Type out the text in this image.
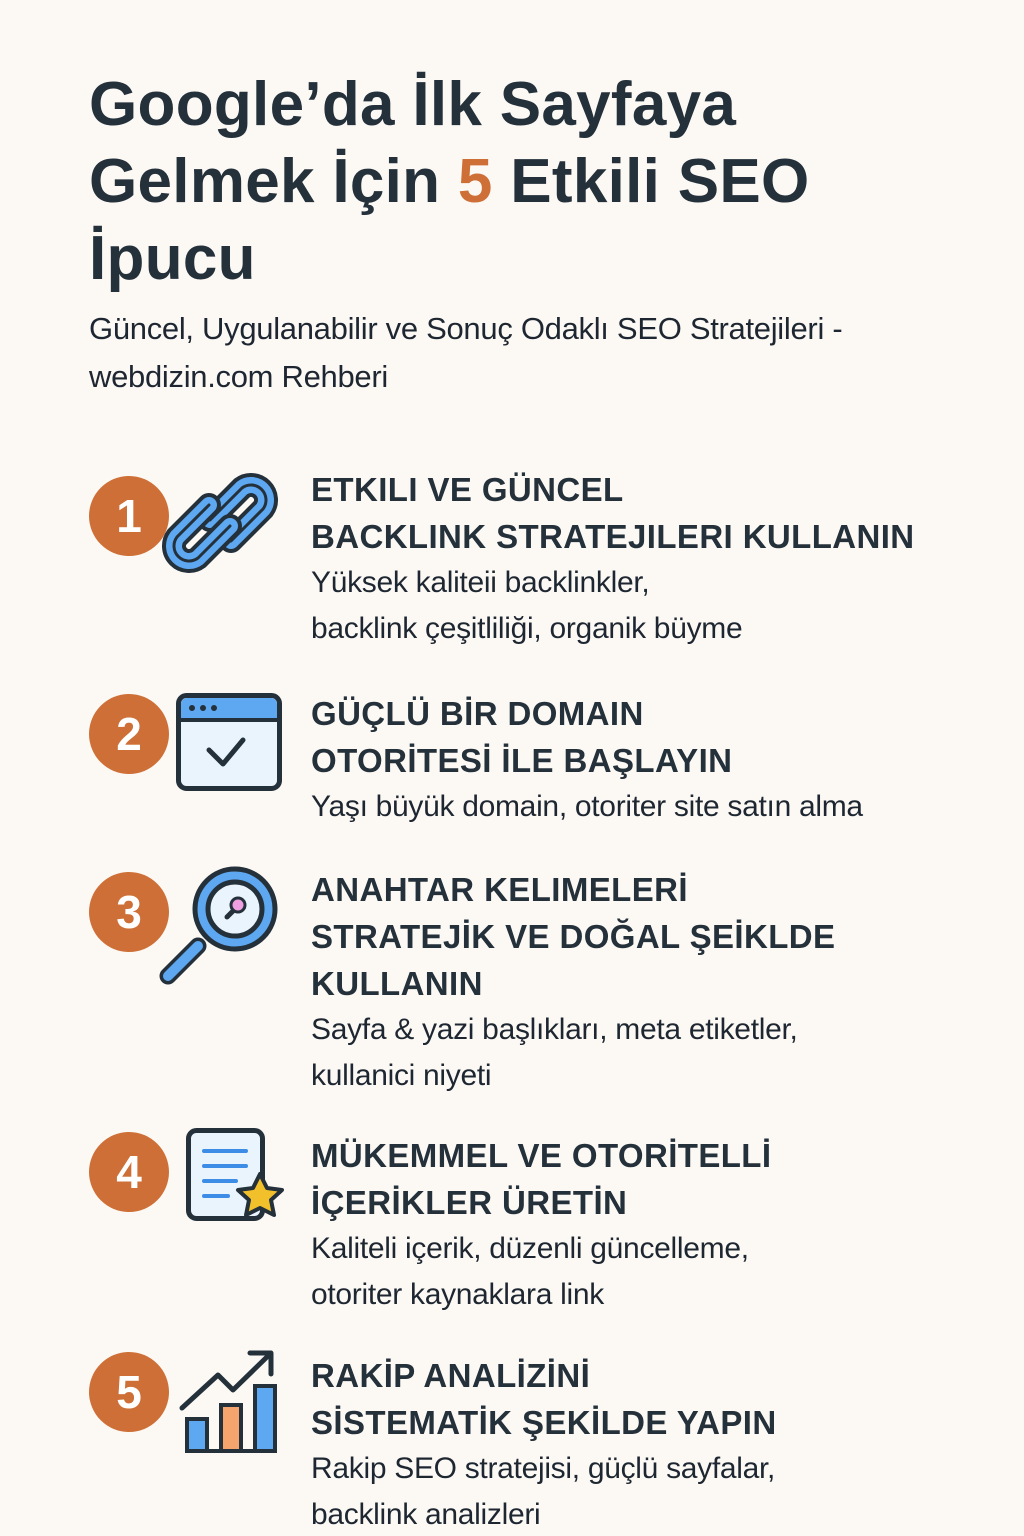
Google’da İlk Sayfaya Gelmek İçin 5 Etkili SEO İpucu

Güncel, Uygulanabilir ve Sonuç Odaklı SEO Stratejileri - webdizin.com Rehberi

1
ETKILI VE GÜNCEL
BACKLINK STRATEJILERI KULLANIN
Yüksek kaliteii backlinkler,
backlink çeşitliliği, organik büyme
2	GÜÇLÜ BİR DOMAIN
OTORİTESİ İLE BAŞLAYIN
Yaşı büyük domain, otoriter site satın alma
3	ANAHTAR KELIMELERİ
STRATEJİK VE DOĞAL ŞEİKLDE
KULLANIN
Sayfa & yazi başlıkları, meta etiketler,
kullanici niyeti
4	MÜKEMMEL VE OTORİTELLİ
İÇERİKLER ÜRETİN
Kaliteli içerik, düzenli güncelleme,
otoriter kaynaklara link
5	RAKİP ANALİZİNİ
SİSTEMATİK ŞEKİLDE YAPIN
Rakip SEO stratejisi, güçlü sayfalar,
backlink analizleri
